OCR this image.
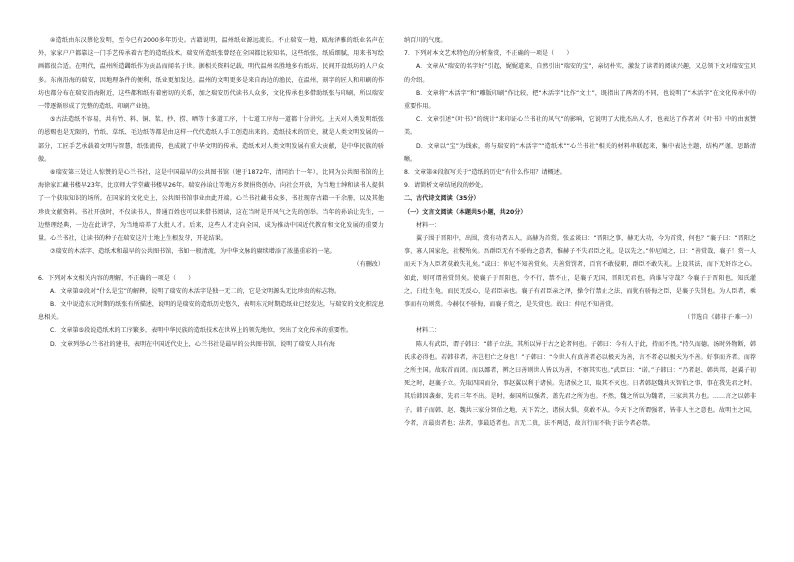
④造纸由东汉蔡伦发明，至今已有2000多年历史。古籍说明，温州纸业源远流长。不止瑞安一地，瓯海泽雅的纸业名声在外，家家户户都靠这一门手艺传承着古老的造纸技术。瑞安所造纸张曾经在全国都比较知名，这些纸张，纸质细腻，用来书写绘画都很合适。在明代，温州所造蠲纸作为贡品而闻名于世。据相关资料记载，明代温州名胜地多有纸坊，民间开设纸坊的人户众多。东南沿海的瑞安，因地理条件的便利，纸业更加发达。温州的文明更多是来自海边的渔民，在温州，刻字的匠人和印刷的作坊也都分布在瑞安沿海附近，这些都和纸有着密切的关系，加之瑞安历代读书人众多，文化传承也多借助纸张与印刷，所以瑞安一带逐渐形成了完整的造纸、印刷产业链。

⑤古法造纸不容易，共有竹、料、铜、浆、抄、捞、晒等十多道工序，十七道工序每一道都十分讲究。上天对人类发明纸张的恩赐也是无限的，竹纸、草纸、毛边纸等都是由这样一代代造纸人手工创造出来的。造纸技术的历史，就是人类文明发展的一部分，工匠手艺承载着文明与智慧，纸张流传，也成就了中华文明的传承。造纸术对人类文明发展有重大贡献，是中华民族的骄傲。

⑥瑞安第三处让人惊赞的是心兰书社，这是中国最早的公共图书馆（建于1872年，清同治十一年），比同为公共图书馆的上海徐家汇藏书楼早23年，比京师大学堂藏书楼早26年。瑞安孙诒让等地方乡贤捐资创办，向社会开放，为当地士绅和读书人提供了一个获取知识的场所。在国家的文化史上，公共图书馆事业由此开端。心兰书社藏书众多，书社现存古籍一千余册，以及其他珍贵文献资料。书社开放时，不仅读书人，普通百姓也可以来借书阅读，这在当时是开风气之先的创举。当年的孙诒让先生，一边整理经典，一边在此讲学，为当地培养了大批人才。后来，这些人才走向全国，成为推动中国近代教育和文化发展的重要力量。心兰书社，让读书的种子在瑞安这片土地上生根发芽，开花结果。

⑦瑞安的木活字、造纸术和最早的公共图书馆，书如一般清流，为中华文脉的赓续增添了浓墨重彩的一笔。

（有删改）

6．下列对本文相关内容的理解，不正确的一项是（　　）

A．文章第②段对“什么是宝”的解释，说明了瑞安的木活字是独一无二的，它是文明源头无比珍贵的标志物。

B．文中说造东元时期的纸张有所描述，说明的是瑞安的造纸历史悠久，表明东元时期造纸业已经发达，与瑞安的文化积淀息息相关。

C．文章第⑤段说造纸术的工序繁多，表明中华民族的造纸技术在世界上的领先地位，突出了文化传承的重要性。

D．文章列举心兰书社的建书，表明在中国近代史上，心兰书社是最早的公共图书馆，说明了瑞安人具有海

纳百川的气度。

7．下列对本文艺术特色的分析鉴赏，不正确的一项是（　　）

A．文章从“瑞安的名字好”引起，娓娓道来，自然引出“瑞安的宝”，亲切朴实，激发了读者的阅读兴趣，又总领下文对瑞安宝贝的介绍。

B．文章将“木活字”和“雕版印刷”作比较，把“木活字”比作“文士”，既指出了两者的不同，也说明了“木活字”在文化传承中的重要作用。

C．文章引述“《叶书》”的统计“来印证心兰书社的风气”的影响，它说明了大批杰出人才，也表达了作者对《叶书》中的由衷赞美。

D．文章以“宝”为线索，将与瑞安的“木活字”“造纸术”“心兰书社”相关的材料串联起来，集中表达主题，结构严谨，思路清晰。

8．文章第④段叙写关于“造纸的历史”有什么作用？请概述。

9．请简析文章结尾段的妙处。

二、古代诗文阅读（35分）

（一）文言文阅读（本题共5小题，共20分）

材料一：

翼子围于晋阳中，出围，赏有功者五人，高赫为首赏。张孟谈曰：“晋阳之事，赫无大功，今为首赏，何也？”襄子曰：“晋阳之事，寡人国家危，社稷殆矣。吾群臣无有不骄侮之意者，惟赫子不失君臣之礼，是以先之。”仲尼闻之，曰：“善赏哉，襄子！赏一人而天下为人臣者莫敢失礼矣。”或曰：仲尼不知善赏矣。夫善赏罚者，百官不敢侵职，群臣不敢失礼。上设其法，而下无奸诈之心。如此，则可谓善赏罚矣。使襄子于晋阳也，令不行，禁不止，是襄子无国，晋阳无君也，尚谁与守哉？今襄子于晋阳也，知氏灌之，臼灶生龟，而民无反心，是君臣亲也。襄子有君臣亲之泽，操令行禁止之法，而犹有骄侮之臣，是襄子失罚也。为人臣者，乘事而有功则赏。今赫仅不骄侮，而襄子赏之，是失赏也。故曰：仲尼不知善赏。

（节选自《韩非子·难一》）

材料二：

陈人有武臣，谓子韩曰：“韩子立法，其所以异于古之论者何也。子韩曰：今有人于此，持而不畏。”持久而德。汤时外物断，韩氏求必得也。若韩非者，亦岂但亡之身也！”子韩曰：“今世人有真善者必以极天为善，言不者必以极天为不善。好事而齐者。而荐之所主国。故取首而闭。而以鄙者，辨之曰善则世人皆以为善，不察其实也。”武臣曰：“诺。”子韩曰：“乃者赵、韩共邦，赵翼子初死之时，赵襄子立。先取四国而分，事赵翼以利于诸侯。先诸侯之卫，取其不灭也。日者韩赵魏共灭智伯之事，事在我先君之时。其后韩因袭秦，先君三年不出。是时，秦国所以强者，盖先君之所为也。不然，魏之所以为魏者，三家共其力也。……言之以韩非子。韩子而韩、赵、魏共三家分智伯之地，天下苦之，诸侯大惧，莫敢不从。今天下之所谓强者，皆非人主之意也。故明主之国，令者，言最贵者也；法者，事最适者也。言无二贵，法不两适，故言行而不轨于法令者必禁。
